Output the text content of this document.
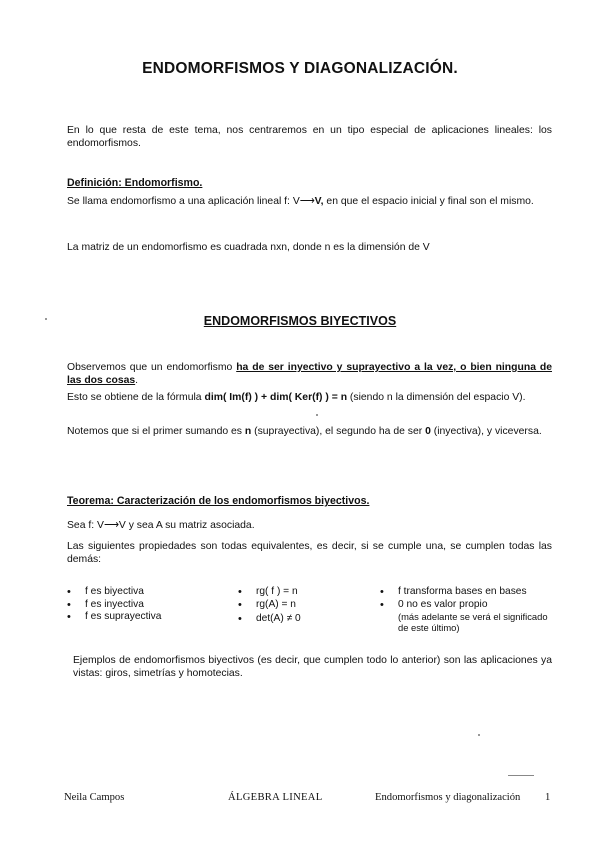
ENDOMORFISMOS Y DIAGONALIZACIÓN.
En lo que resta de este tema, nos centraremos en un tipo especial de aplicaciones lineales: los endomorfismos.
Definición: Endomorfismo.
Se llama endomorfismo a una aplicación lineal f: V⟶V, en que el espacio inicial y final son el mismo.
La matriz de un endomorfismo es cuadrada nxn, donde n es la dimensión de V
ENDOMORFISMOS BIYECTIVOS
Observemos que un endomorfismo ha de ser inyectivo y suprayectivo a la vez, o bien ninguna de las dos cosas.
Esto se obtiene de la fórmula dim( Im(f) ) + dim( Ker(f) ) = n (siendo n la dimensión del espacio V).
Notemos que si el primer sumando es n (suprayectiva), el segundo ha de ser 0 (inyectiva), y viceversa.
Teorema: Caracterización de los endomorfismos biyectivos.
Sea f: V⟶V y sea A su matriz asociada.
Las siguientes propiedades son todas equivalentes, es decir, si se cumple una, se cumplen todas las demás:
• f es biyectiva
• f es inyectiva
• f es suprayectiva
• rg( f ) = n
• rg(A) = n
• det(A) ≠ 0
• f transforma bases en bases
• 0 no es valor propio
(más adelante se verá el significado de este último)
Ejemplos de endomorfismos biyectivos (es decir, que cumplen todo lo anterior) son las aplicaciones ya vistas: giros, simetrías y homotecias.
Neila Campos	ÁLGEBRA LINEAL	Endomorfismos y diagonalización 1
